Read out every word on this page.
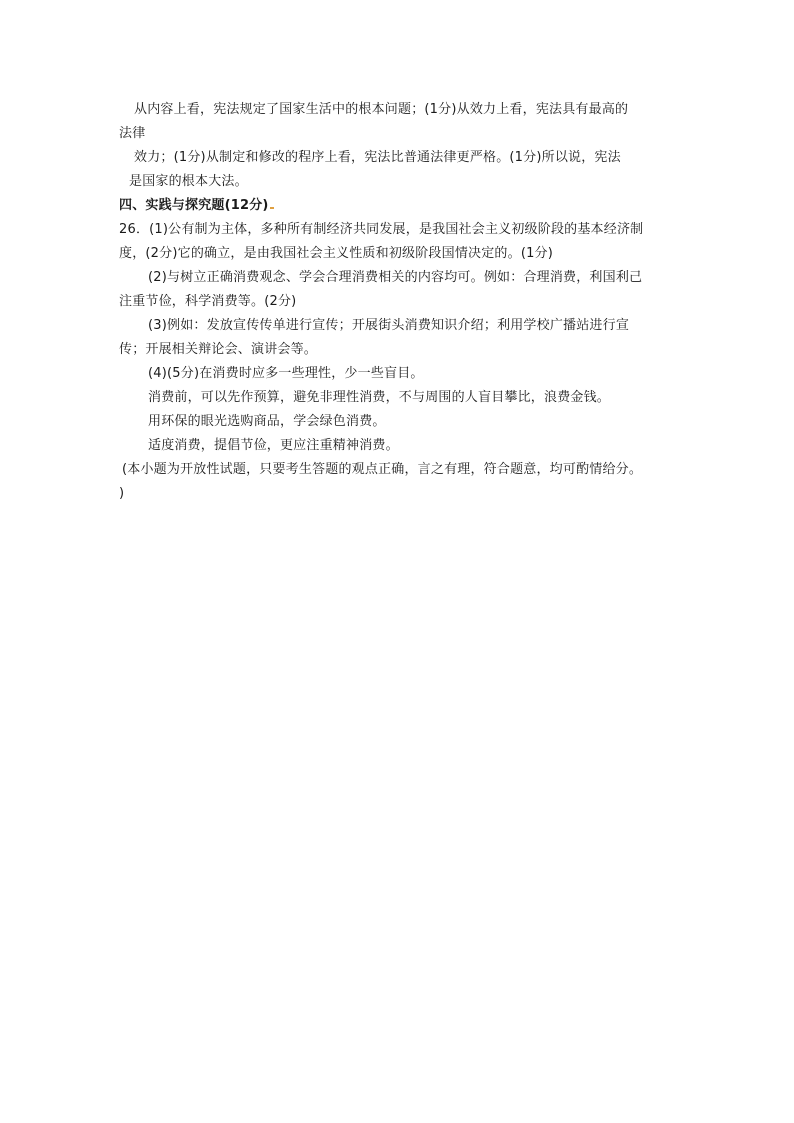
从内容上看，宪法规定了国家生活中的根本问题；(1分)从效力上看，宪法具有最高的
法律
效力；(1分)从制定和修改的程序上看，宪法比普通法律更严格。(1分)所以说，宪法
是国家的根本大法。
四、实践与探究题(12分)
26．(1)公有制为主体，多种所有制经济共同发展，是我国社会主义初级阶段的基本经济制
度，(2分)它的确立，是由我国社会主义性质和初级阶段国情决定的。(1分)
(2)与树立正确消费观念、学会合理消费相关的内容均可。例如：合理消费，利国利己
注重节俭，科学消费等。(2分)
(3)例如：发放宣传传单进行宣传；开展街头消费知识介绍；利用学校广播站进行宣
传；开展相关辩论会、演讲会等。
(4)(5分)在消费时应多一些理性，少一些盲目。
消费前，可以先作预算，避免非理性消费，不与周围的人盲目攀比，浪费金钱。
用环保的眼光选购商品，学会绿色消费。
适度消费，提倡节俭，更应注重精神消费。
(本小题为开放性试题，只要考生答题的观点正确，言之有理，符合题意，均可酌情给分。
)
